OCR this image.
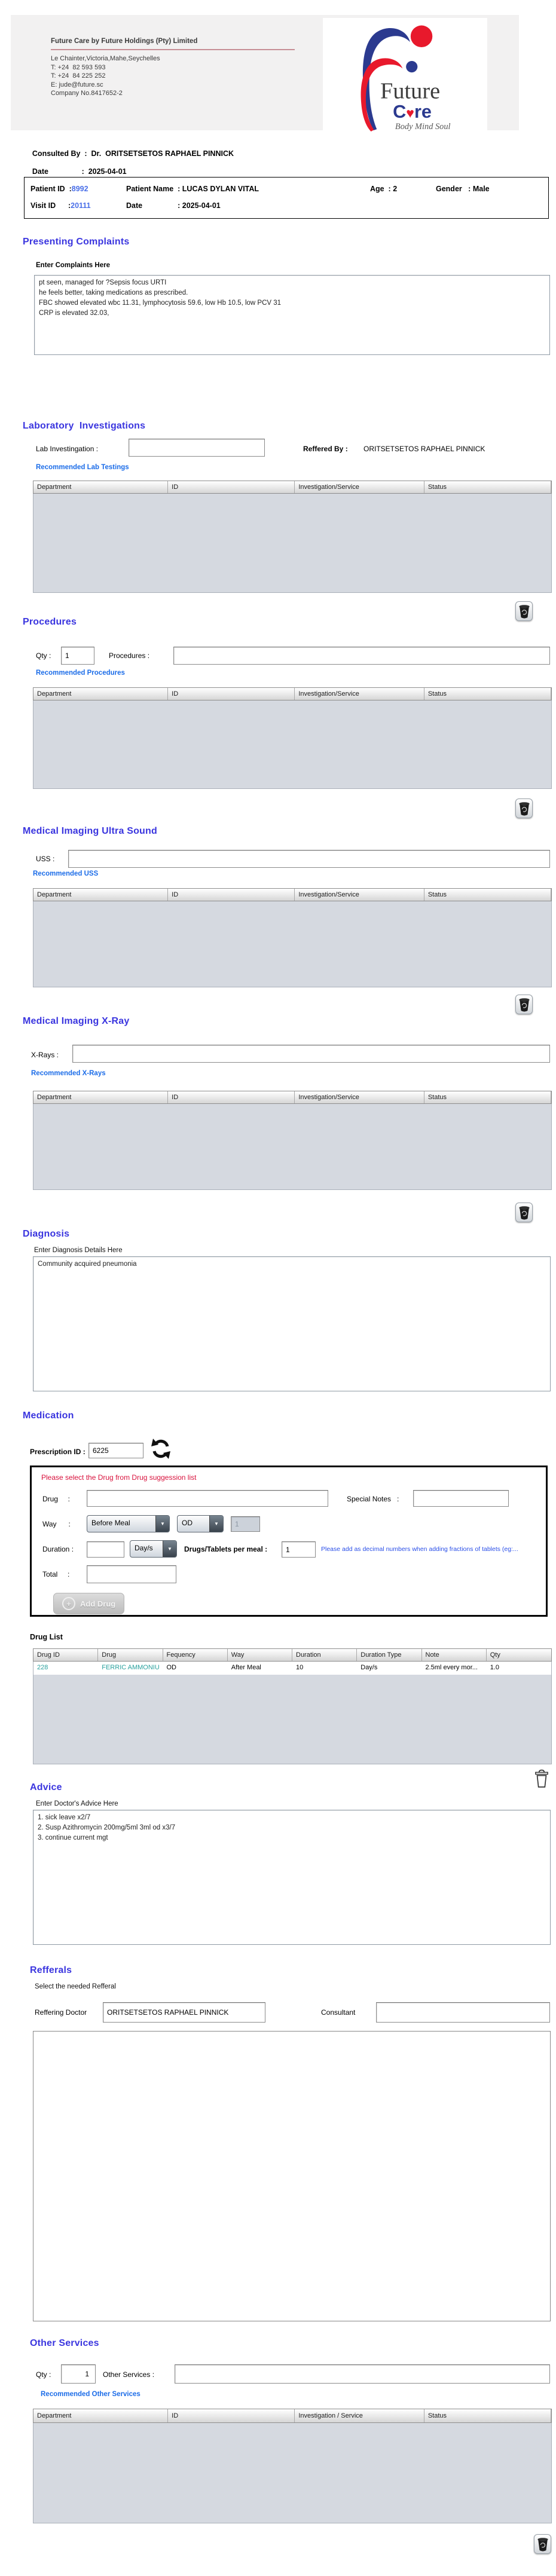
Future Care by Future Holdings (Pty) Limited
Le Chainter,Victoria,Mahe,Seychelles
T: +24  82 593 593
T: +24  84 225 252
E: jude@future.sc
Company No.8417652-2	Future
C♥re
Body Mind Soul

Consulted By  : Dr.  ORITSETSETOS RAPHAEL PINNICK

Date                : 2025-04-01

Patient ID  :8992	Patient Name  : LUCAS DYLAN VITAL	Age  : 2	Gender   : Male
Visit ID      :20111	Date                 : 2025-04-01
Presenting Complaints
Enter Complaints Here
pt seen, managed for ?Sepsis focus URTI he feels better, taking medications as prescribed. FBC showed elevated wbc 11.31, lymphocytosis 59.6, low Hb 10.5, low PCV 31 CRP is elevated 32.03,
Laboratory  Investigations
Lab Investingation :	Reffered By : ORITSETSETOS RAPHAEL PINNICK
Recommended Lab Testings
Department	ID	Investigation/Service	Status
Procedures
Qty :
1	Procedures :
Recommended Procedures
Department	ID	Investigation/Service	Status
Medical Imaging Ultra Sound
USS :
Recommended USS
Department	ID	Investigation/Service	Status
Medical Imaging X-Ray
X-Rays :
Recommended X-Rays
Department	ID	Investigation/Service	Status
Diagnosis
Enter Diagnosis Details Here
Community acquired pneumonia
Medication
Prescription ID :
6225
Please select the Drug from Drug suggession list
Drug     :	Special Notes   :
Way      :	Before Meal	▼	OD	▼
1
Duration :	Day/s	▼	Drugs/Tablets per meal :
1	Please add as decimal numbers when adding fractions of tablets (eg:...
Total     :
+	Add Drug
Drug List
Drug ID	Drug	Fequency	Way	Duration	Duration Type	Note	Qty
228	FERRIC AMMONIU	OD	After Meal	10	Day/s	2.5ml every mor...	1.0
Advice
Enter Doctor's Advice Here
1. sick leave x2/7 2. Susp Azithromycin 200mg/5ml 3ml od x3/7 3. continue current mgt
Refferals
Select the needed Refferal
Reffering Doctor
ORITSETSETOS RAPHAEL PINNICK	Consultant
Other Services
Qty :
1	Other Services :
Recommended Other Services
Department	ID	Investigation / Service	Status
